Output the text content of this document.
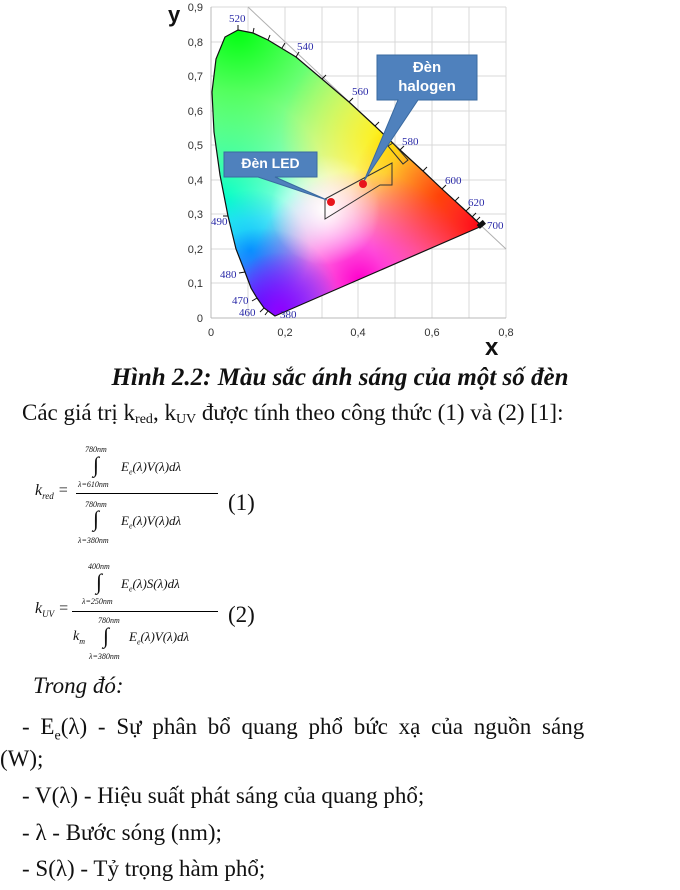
520
540
560
580
600
620
700
490
480
470
460 380
0,9
0,8
0,7
0,6
0,5
0,4
0,3
0,2
0,1
0
0	0,2	0,4	0,6	0,8
Đèn LED
Đèn
halogen
y
x
Hình 2.2: Màu sắc ánh sáng của một số đèn
Các giá trị $k_{red}$, $k_{UV}$ được tính theo công thức (1) và (2) [1]:
$k_{red}$ =
780nm
∫
λ=610nm
$E_e(\lambda)V(\lambda)d\lambda$
780nm
∫
λ=380nm
$E_e(\lambda)V(\lambda)d\lambda$
(1)
$k_{UV}$ =
400nm
∫
λ=250nm
$E_e(\lambda)S(\lambda)d\lambda$
780nm
$k_m$ ∫
λ=380nm
$E_e(\lambda)V(\lambda)d\lambda$
(2)
Trong đó:
- $E_e(\lambda)$ - Sự phân bổ quang phổ bức xạ của nguồn sáng
(W);
- V(λ) - Hiệu suất phát sáng của quang phổ;
- λ - Bước sóng (nm);
- S(λ) - Tỷ trọng hàm phổ;
